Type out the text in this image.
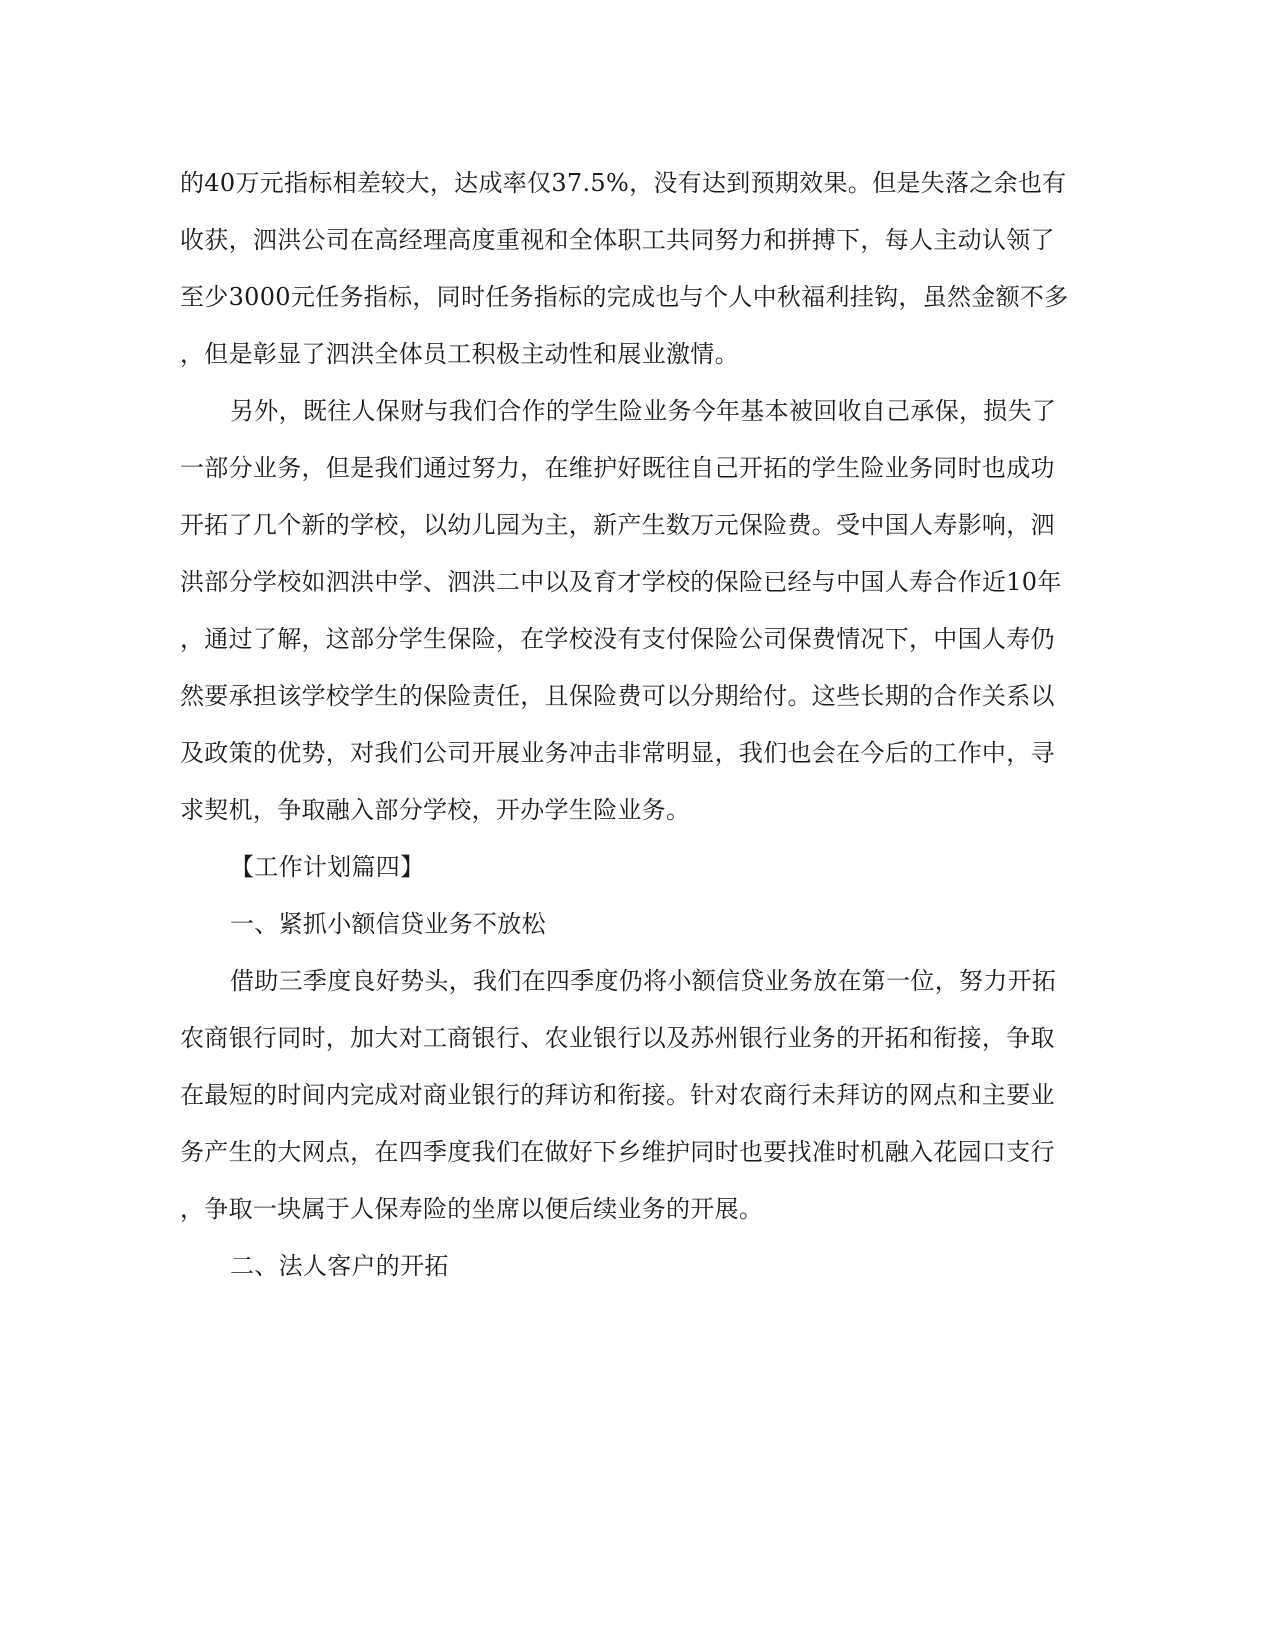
的40万元指标相差较大，达成率仅37.5%，没有达到预期效果。但是失落之余也有
收获，泗洪公司在高经理高度重视和全体职工共同努力和拼搏下，每人主动认领了
至少3000元任务指标，同时任务指标的完成也与个人中秋福利挂钩，虽然金额不多
，但是彰显了泗洪全体员工积极主动性和展业激情。
另外，既往人保财与我们合作的学生险业务今年基本被回收自己承保，损失了
一部分业务，但是我们通过努力，在维护好既往自己开拓的学生险业务同时也成功
开拓了几个新的学校，以幼儿园为主，新产生数万元保险费。受中国人寿影响，泗
洪部分学校如泗洪中学、泗洪二中以及育才学校的保险已经与中国人寿合作近10年
，通过了解，这部分学生保险，在学校没有支付保险公司保费情况下，中国人寿仍
然要承担该学校学生的保险责任，且保险费可以分期给付。这些长期的合作关系以
及政策的优势，对我们公司开展业务冲击非常明显，我们也会在今后的工作中，寻
求契机，争取融入部分学校，开办学生险业务。
【工作计划篇四】
一、紧抓小额信贷业务不放松
借助三季度良好势头，我们在四季度仍将小额信贷业务放在第一位，努力开拓
农商银行同时，加大对工商银行、农业银行以及苏州银行业务的开拓和衔接，争取
在最短的时间内完成对商业银行的拜访和衔接。针对农商行未拜访的网点和主要业
务产生的大网点，在四季度我们在做好下乡维护同时也要找准时机融入花园口支行
，争取一块属于人保寿险的坐席以便后续业务的开展。
二、法人客户的开拓
